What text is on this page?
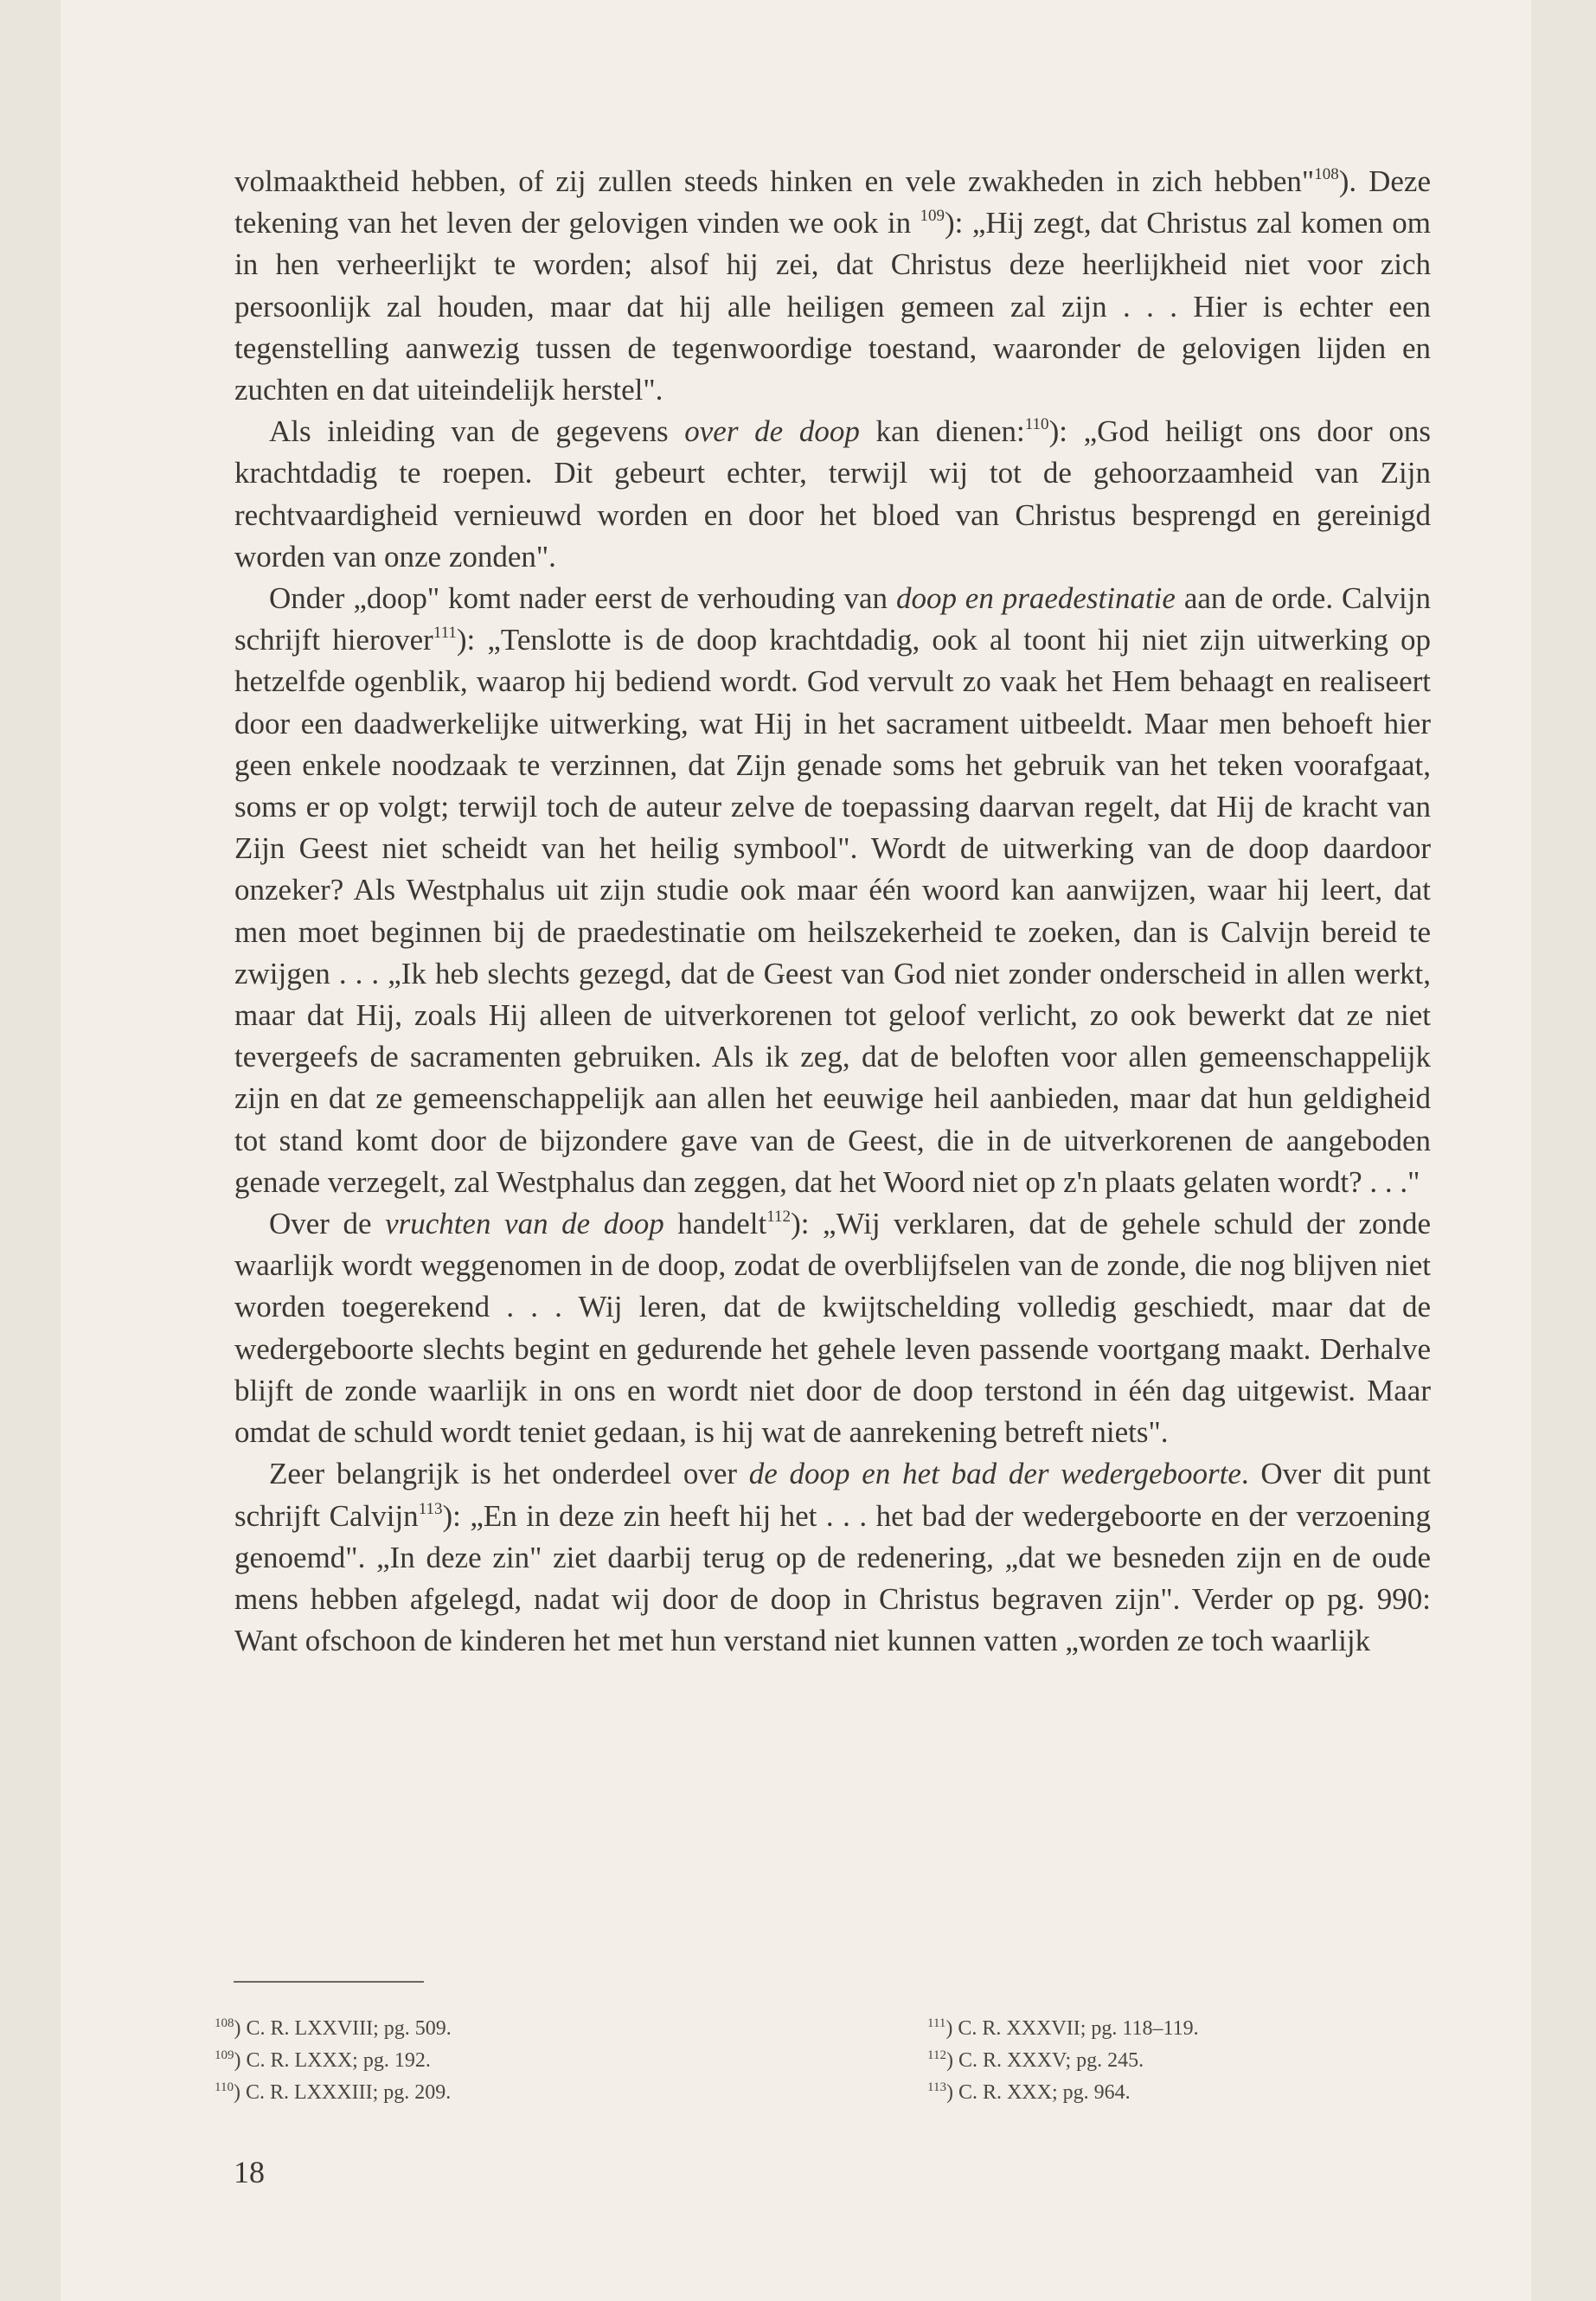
volmaaktheid hebben, of zij zullen steeds hinken en vele zwakheden in zich hebben"$^{108}$). Deze tekening van het leven der gelovigen vinden we ook in $^{109}$): „Hij zegt, dat Christus zal komen om in hen verheerlijkt te worden; alsof hij zei, dat Christus deze heerlijkheid niet voor zich persoonlijk zal houden, maar dat hij alle heiligen gemeen zal zijn . . . Hier is echter een tegenstelling aanwezig tussen de tegenwoordige toestand, waaronder de gelovigen lijden en zuchten en dat uiteindelijk herstel".

Als inleiding van de gegevens over de doop kan dienen:$^{110}$): „God heiligt ons door ons krachtdadig te roepen. Dit gebeurt echter, terwijl wij tot de gehoorzaamheid van Zijn rechtvaardigheid vernieuwd worden en door het bloed van Christus besprengd en gereinigd worden van onze zonden".

Onder „doop" komt nader eerst de verhouding van doop en praedestinatie aan de orde. Calvijn schrijft hierover$^{111}$): „Tenslotte is de doop krachtdadig, ook al toont hij niet zijn uitwerking op hetzelfde ogenblik, waarop hij bediend wordt. God vervult zo vaak het Hem behaagt en realiseert door een daadwerkelijke uitwerking, wat Hij in het sacrament uitbeeldt. Maar men behoeft hier geen enkele noodzaak te verzinnen, dat Zijn genade soms het gebruik van het teken voorafgaat, soms er op volgt; terwijl toch de auteur zelve de toepassing daarvan regelt, dat Hij de kracht van Zijn Geest niet scheidt van het heilig symbool". Wordt de uitwerking van de doop daardoor onzeker? Als Westphalus uit zijn studie ook maar één woord kan aanwijzen, waar hij leert, dat men moet beginnen bij de praedestinatie om heilszekerheid te zoeken, dan is Calvijn bereid te zwijgen . . . „Ik heb slechts gezegd, dat de Geest van God niet zonder onderscheid in allen werkt, maar dat Hij, zoals Hij alleen de uitverkorenen tot geloof verlicht, zo ook bewerkt dat ze niet tevergeefs de sacramenten gebruiken. Als ik zeg, dat de beloften voor allen gemeenschappelijk zijn en dat ze gemeenschappelijk aan allen het eeuwige heil aanbieden, maar dat hun geldigheid tot stand komt door de bijzondere gave van de Geest, die in de uitverkorenen de aangeboden genade verzegelt, zal Westphalus dan zeggen, dat het Woord niet op z'n plaats gelaten wordt? . . ."

Over de vruchten van de doop handelt$^{112}$): „Wij verklaren, dat de gehele schuld der zonde waarlijk wordt weggenomen in de doop, zodat de overblijfselen van de zonde, die nog blijven niet worden toegerekend . . . Wij leren, dat de kwijtschelding volledig geschiedt, maar dat de wedergeboorte slechts begint en gedurende het gehele leven passende voortgang maakt. Derhalve blijft de zonde waarlijk in ons en wordt niet door de doop terstond in één dag uitgewist. Maar omdat de schuld wordt teniet gedaan, is hij wat de aanrekening betreft niets".

Zeer belangrijk is het onderdeel over de doop en het bad der wedergeboorte. Over dit punt schrijft Calvijn$^{113}$): „En in deze zin heeft hij het . . . het bad der wedergeboorte en der verzoening genoemd". „In deze zin" ziet daarbij terug op de redenering, „dat we besneden zijn en de oude mens hebben afgelegd, nadat wij door de doop in Christus begraven zijn". Verder op pg. 990: Want ofschoon de kinderen het met hun verstand niet kunnen vatten „worden ze toch waarlijk

$^{108}$) C. R. LXXVIII; pg. 509.
$^{109}$) C. R. LXXX; pg. 192.
$^{110}$) C. R. LXXXIII; pg. 209.
$^{111}$) C. R. XXXVII; pg. 118–119.
$^{112}$) C. R. XXXV; pg. 245.
$^{113}$) C. R. XXX; pg. 964.
18
